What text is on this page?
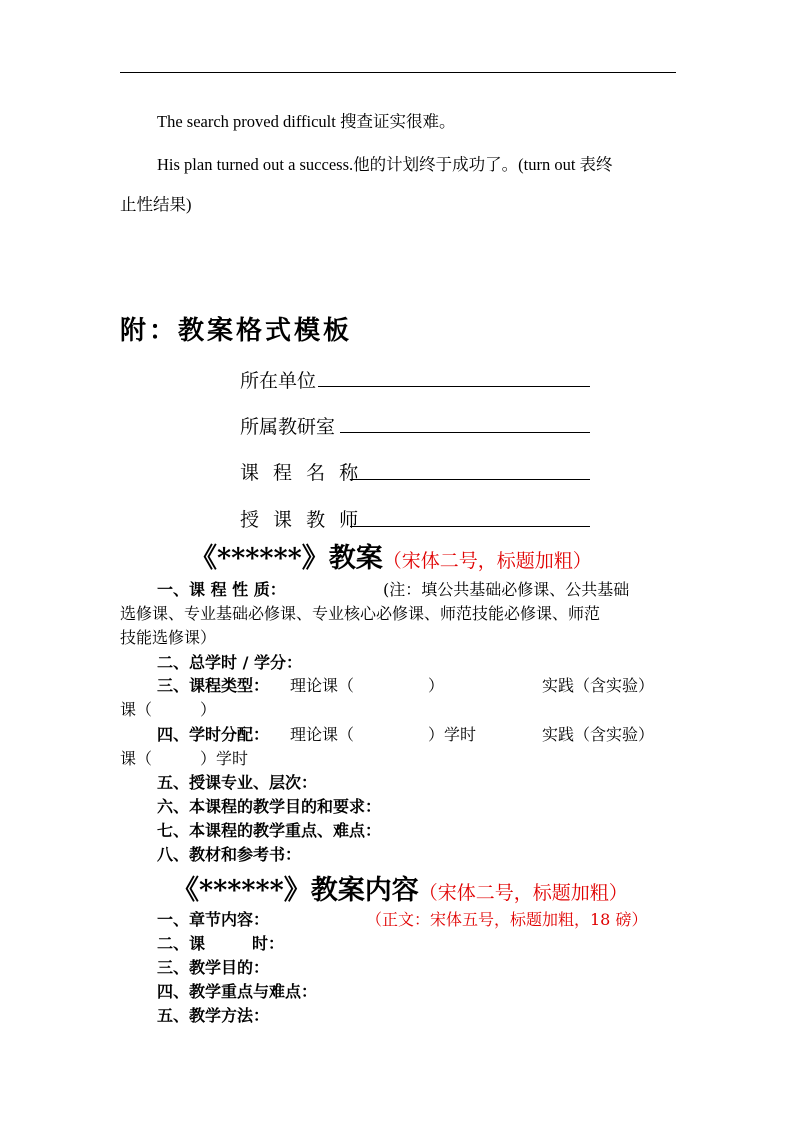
The search proved difficult 搜查证实很难。
His plan turned out a success.他的计划终于成功了。(turn out 表终
止性结果)
附：教案格式模板
所在单位
所属教研室
课 程 名 称
授 课 教 师
《******》教案（宋体二号，标题加粗）
一、课 程 性 质：	(注：填公共基础必修课、公共基础
选修课、专业基础必修课、专业核心必修课、师范技能必修课、师范
技能选修课）
二、总学时 / 学分：
三、课程类型： 理论课（	）	实践（含实验）
课（	）
四、学时分配： 理论课（	）学时	实践（含实验）
课（	）学时
五、授课专业、层次：
六、本课程的教学目的和要求：
七、本课程的教学重点、难点：
八、教材和参考书：
《******》教案内容（宋体二号，标题加粗）
一、章节内容：	（正文：宋体五号，标题加粗，18 磅）
二、课	时：
三、教学目的：
四、教学重点与难点：
五、教学方法：
